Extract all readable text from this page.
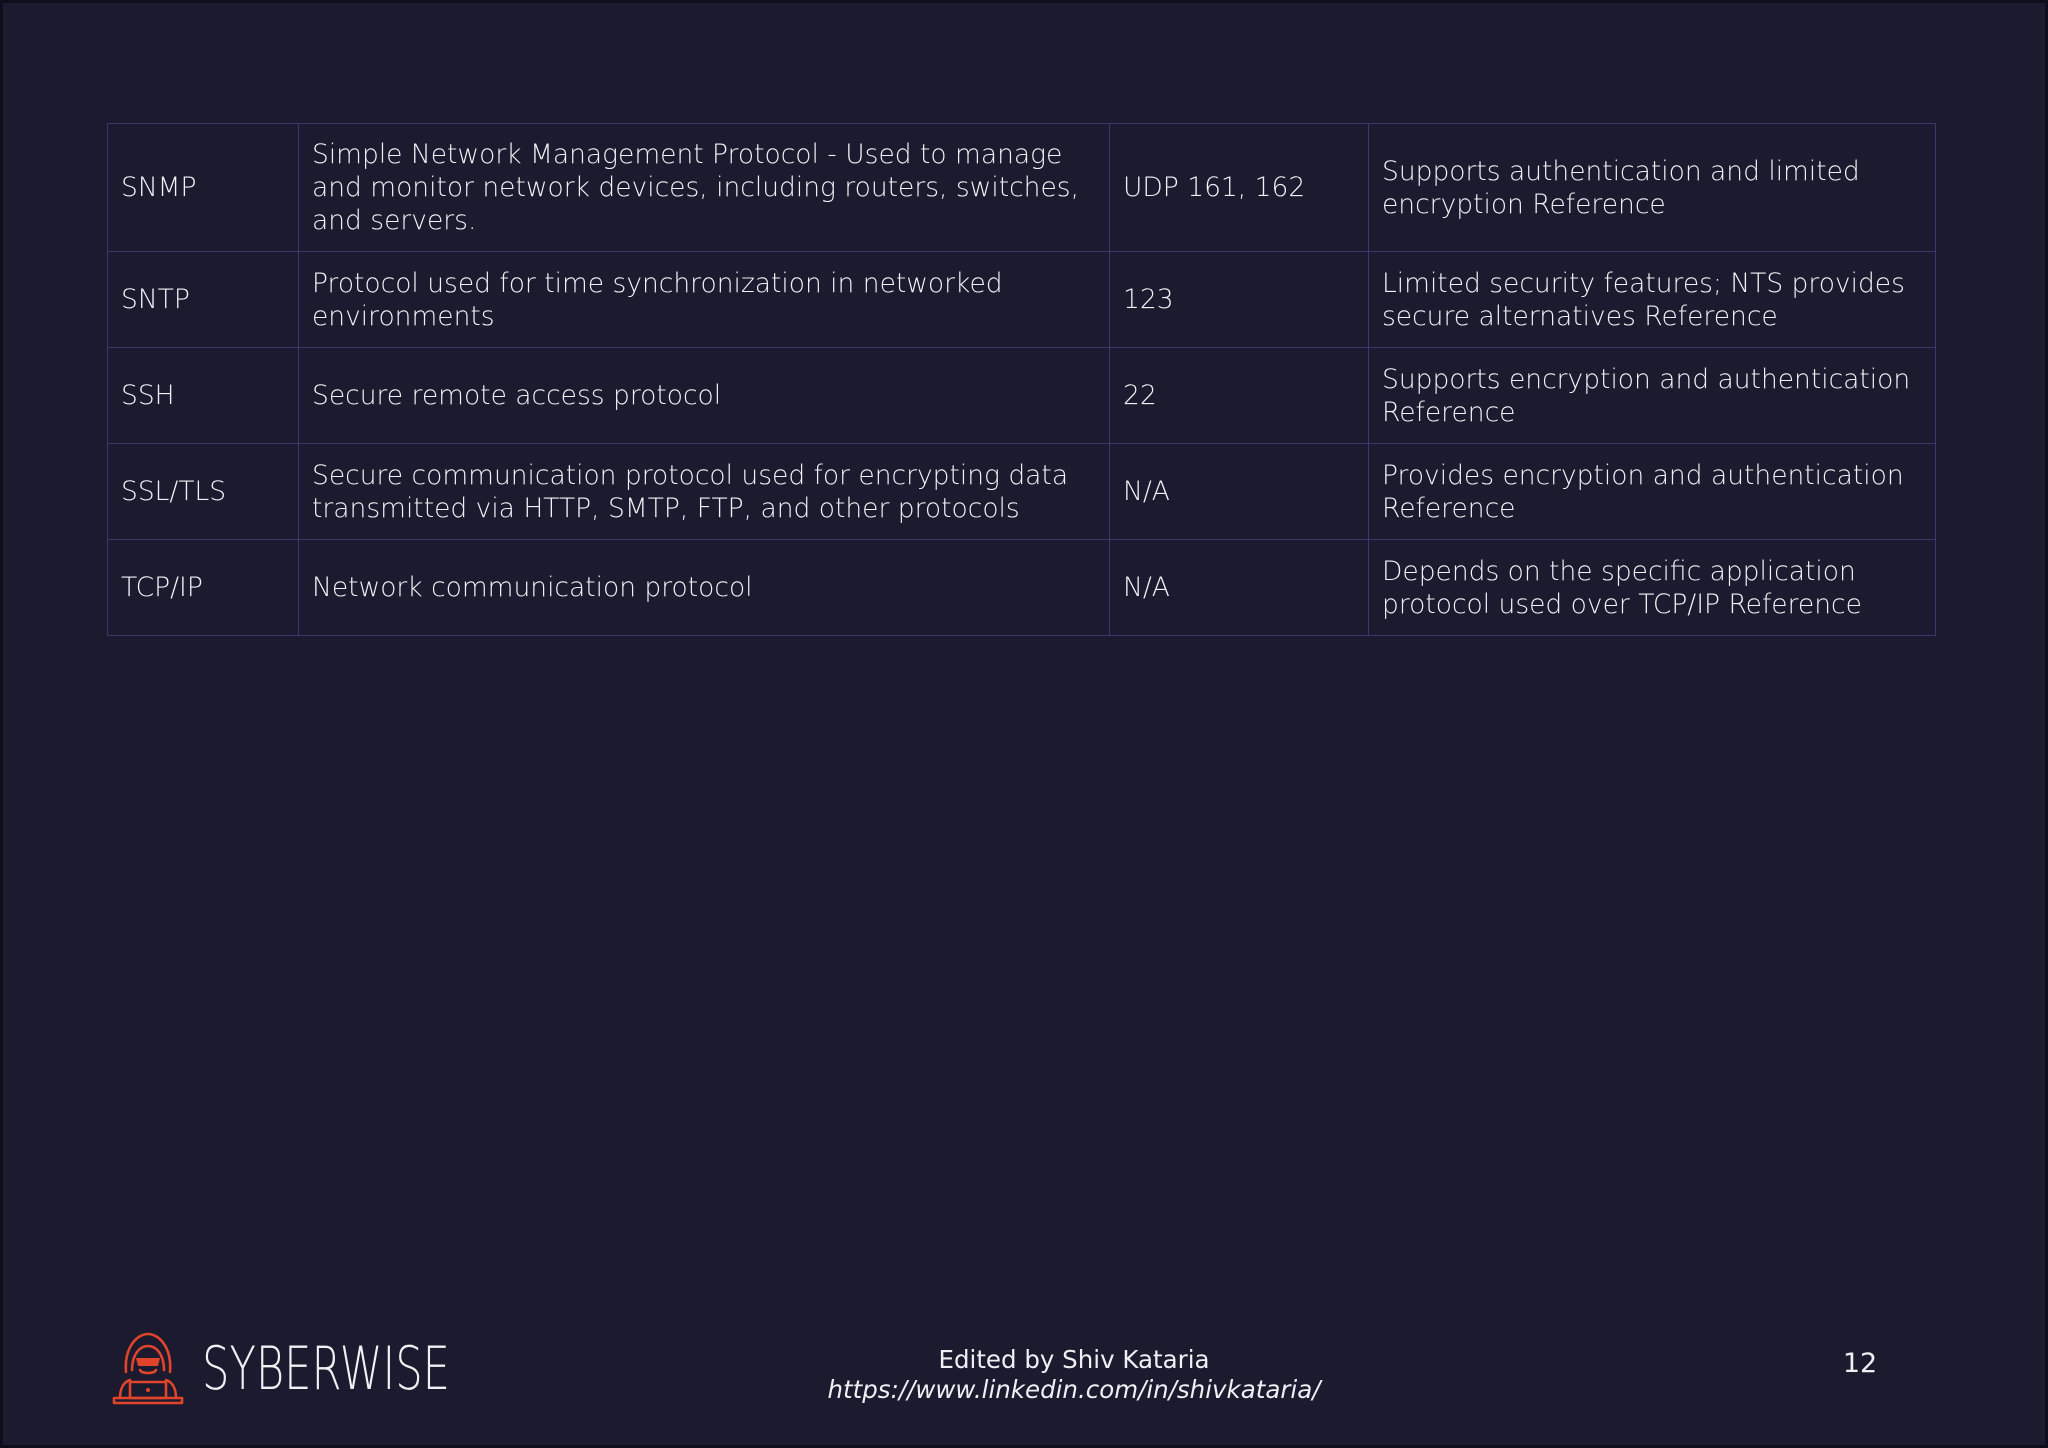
SNMP	Simple Network Management Protocol - Used to manage and monitor network devices, including routers, switches, and servers.	UDP 161, 162	Supports authentication and limited encryption Reference
SNTP	Protocol used for time synchronization in networked environments	123	Limited security features; NTS provides secure alternatives Reference
SSH	Secure remote access protocol	22	Supports encryption and authentication Reference
SSL/TLS	Secure communication protocol used for encrypting data transmitted via HTTP, SMTP, FTP, and other protocols	N/A	Provides encryption and authentication Reference
TCP/IP	Network communication protocol	N/A	Depends on the specific application protocol used over TCP/IP Reference
SYBERWISE	Edited by Shiv Kataria
https://www.linkedin.com/in/shivkataria/
12
